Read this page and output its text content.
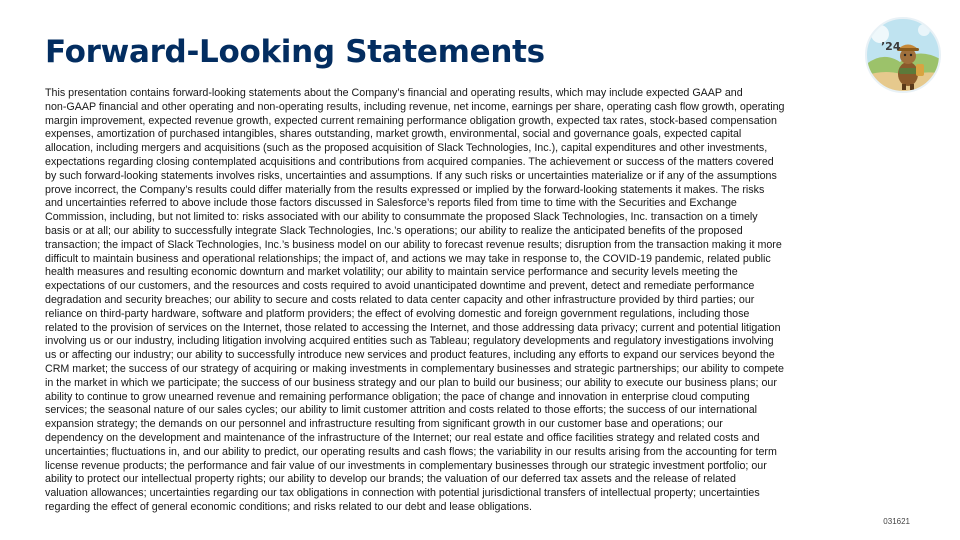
Forward-Looking Statements	’24

This presentation contains forward-looking statements about the Company’s financial and operating results, which may include expected GAAP and
non-GAAP financial and other operating and non-operating results, including revenue, net income, earnings per share, operating cash flow growth, operating
margin improvement, expected revenue growth, expected current remaining performance obligation growth, expected tax rates, stock-based compensation
expenses, amortization of purchased intangibles, shares outstanding, market growth, environmental, social and governance goals, expected capital
allocation, including mergers and acquisitions (such as the proposed acquisition of Slack Technologies, Inc.), capital expenditures and other investments,
expectations regarding closing contemplated acquisitions and contributions from acquired companies. The achievement or success of the matters covered
by such forward-looking statements involves risks, uncertainties and assumptions. If any such risks or uncertainties materialize or if any of the assumptions
prove incorrect, the Company’s results could differ materially from the results expressed or implied by the forward-looking statements it makes. The risks
and uncertainties referred to above include those factors discussed in Salesforce’s reports filed from time to time with the Securities and Exchange
Commission, including, but not limited to: risks associated with our ability to consummate the proposed Slack Technologies, Inc. transaction on a timely
basis or at all; our ability to successfully integrate Slack Technologies, Inc.’s operations; our ability to realize the anticipated benefits of the proposed
transaction; the impact of Slack Technologies, Inc.’s business model on our ability to forecast revenue results; disruption from the transaction making it more
difficult to maintain business and operational relationships; the impact of, and actions we may take in response to, the COVID-19 pandemic, related public
health measures and resulting economic downturn and market volatility; our ability to maintain service performance and security levels meeting the
expectations of our customers, and the resources and costs required to avoid unanticipated downtime and prevent, detect and remediate performance
degradation and security breaches; our ability to secure and costs related to data center capacity and other infrastructure provided by third parties; our
reliance on third-party hardware, software and platform providers; the effect of evolving domestic and foreign government regulations, including those
related to the provision of services on the Internet, those related to accessing the Internet, and those addressing data privacy; current and potential litigation
involving us or our industry, including litigation involving acquired entities such as Tableau; regulatory developments and regulatory investigations involving
us or affecting our industry; our ability to successfully introduce new services and product features, including any efforts to expand our services beyond the
CRM market; the success of our strategy of acquiring or making investments in complementary businesses and strategic partnerships; our ability to compete
in the market in which we participate; the success of our business strategy and our plan to build our business; our ability to execute our business plans; our
ability to continue to grow unearned revenue and remaining performance obligation; the pace of change and innovation in enterprise cloud computing
services; the seasonal nature of our sales cycles; our ability to limit customer attrition and costs related to those efforts; the success of our international
expansion strategy; the demands on our personnel and infrastructure resulting from significant growth in our customer base and operations; our
dependency on the development and maintenance of the infrastructure of the Internet; our real estate and office facilities strategy and related costs and
uncertainties; fluctuations in, and our ability to predict, our operating results and cash flows; the variability in our results arising from the accounting for term
license revenue products; the performance and fair value of our investments in complementary businesses through our strategic investment portfolio; our
ability to protect our intellectual property rights; our ability to develop our brands; the valuation of our deferred tax assets and the release of related
valuation allowances; uncertainties regarding our tax obligations in connection with potential jurisdictional transfers of intellectual property; uncertainties
regarding the effect of general economic conditions; and risks related to our debt and lease obligations.

031621
